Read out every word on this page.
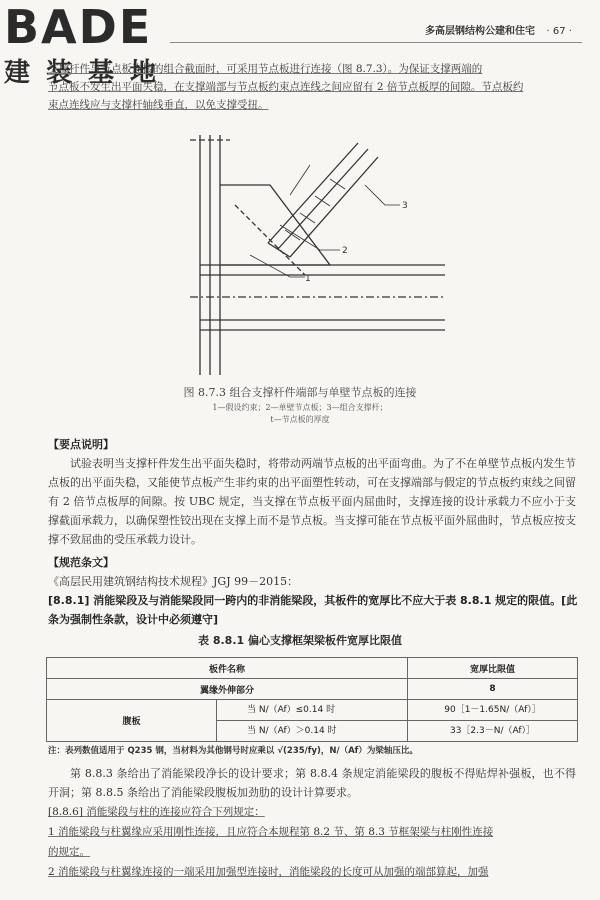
BADE
建装基地
多高层钢结构公建和住宅 · 67 ·
支撑杆件与节点板连接的组合截面时，可采用节点板进行连接（图 8.7.3）。为保证支撑两端的
节点板不发生出平面失稳，在支撑端部与节点板约束点连线之间应留有 2 倍节点板厚的间隙。节点板约
束点连线应与支撑杆轴线垂直，以免支撑受扭。
1
2
3
图 8.7.3 组合支撑杆件端部与单壁节点板的连接
1—假设约束；2—单壁节点板；3—组合支撑杆；
t—节点板的厚度
【要点说明】
试验表明当支撑杆件发生出平面失稳时，将带动两端节点板的出平面弯曲。为了不在单壁节点板内发生节点板的出平面失稳，又能使节点板产生非约束的出平面塑性转动，可在支撑端部与假定的节点板约束线之间留有 2 倍节点板厚的间隙。按 UBC 规定，当支撑在节点板平面内屈曲时，支撑连接的设计承载力不应小于支撑截面承载力，以确保塑性铰出现在支撑上而不是节点板。当支撑可能在节点板平面外屈曲时，节点板应按支撑不致屈曲的受压承载力设计。
【规范条文】
《高层民用建筑钢结构技术规程》JGJ 99－2015：
[8.8.1] 消能梁段及与消能梁段同一跨内的非消能梁段，其板件的宽厚比不应大于表 8.8.1 规定的限值。[此条为强制性条款，设计中必须遵守]
表 8.8.1 偏心支撑框架梁板件宽厚比限值
板件名称		宽厚比限值
翼缘外伸部分		8
腹板	当 N/（Af）≤0.14 时	90［1－1.65N/（Af）］
	当 N/（Af）＞0.14 时	33［2.3－N/（Af）］
注：表列数值适用于 Q235 钢，当材料为其他钢号时应乘以 √(235/fy)，N/（Af）为梁轴压比。
第 8.8.3 条给出了消能梁段净长的设计要求；第 8.8.4 条规定消能梁段的腹板不得贴焊补强板，也不得开洞；第 8.8.5 条给出了消能梁段腹板加劲肋的设计计算要求。
[8.8.6] 消能梁段与柱的连接应符合下列规定：
1 消能梁段与柱翼缘应采用刚性连接，且应符合本规程第 8.2 节、第 8.3 节框架梁与柱刚性连接
的规定。
2 消能梁段与柱翼缘连接的一端采用加强型连接时，消能梁段的长度可从加强的端部算起，加强
